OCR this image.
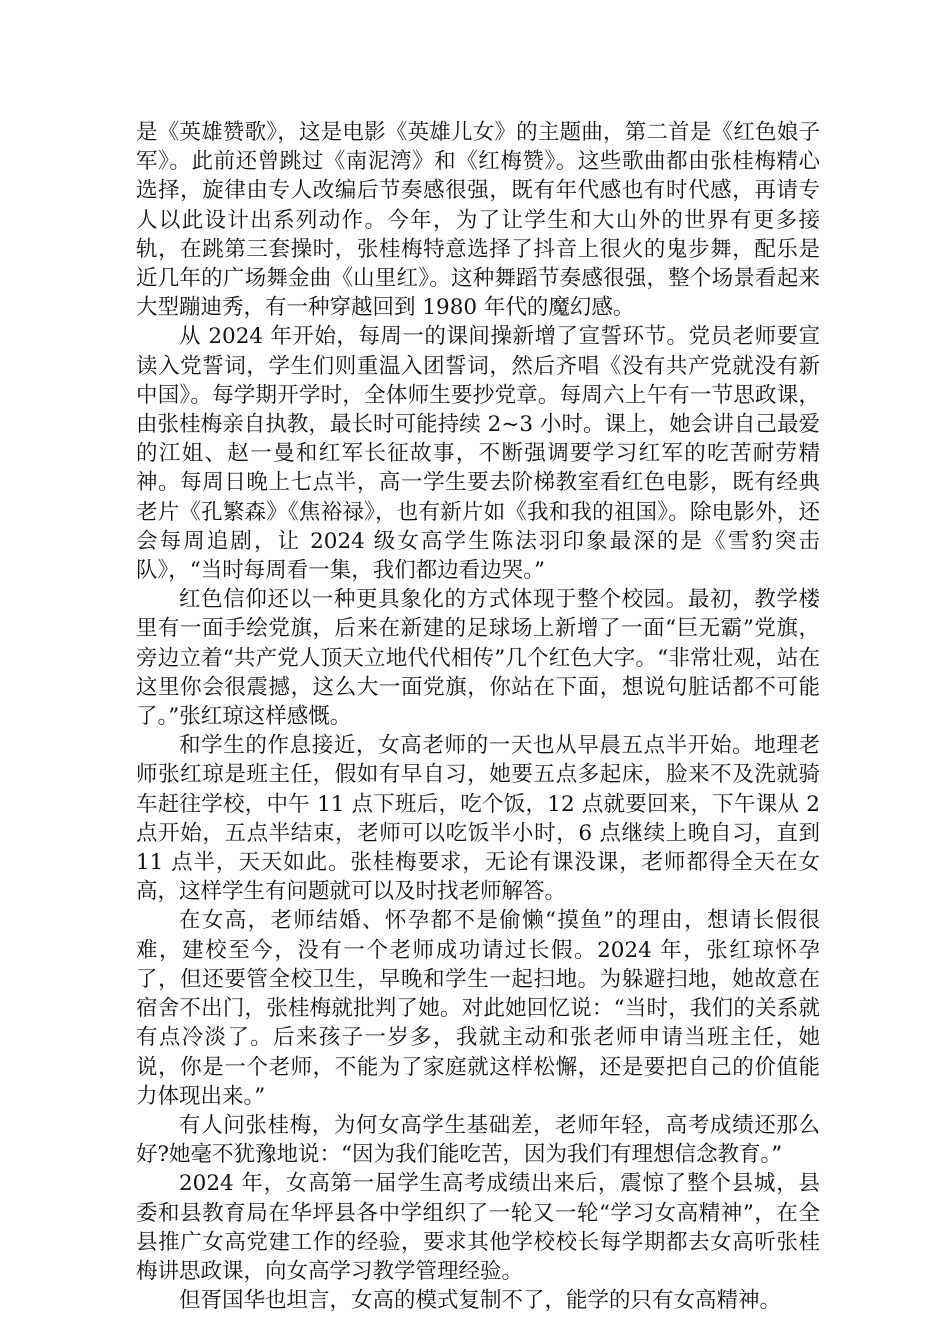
是《英雄赞歌》，这是电影《英雄儿女》的主题曲，第二首是《红色娘子军》。此前还曾跳过《南泥湾》和《红梅赞》。这些歌曲都由张桂梅精心选择，旋律由专人改编后节奏感很强，既有年代感也有时代感，再请专人以此设计出系列动作。今年，为了让学生和大山外的世界有更多接轨，在跳第三套操时，张桂梅特意选择了抖音上很火的鬼步舞，配乐是近几年的广场舞金曲《山里红》。这种舞蹈节奏感很强，整个场景看起来大型蹦迪秀，有一种穿越回到 1980 年代的魔幻感。

从 2024 年开始，每周一的课间操新增了宣誓环节。党员老师要宣读入党誓词，学生们则重温入团誓词，然后齐唱《没有共产党就没有新中国》。每学期开学时，全体师生要抄党章。每周六上午有一节思政课，由张桂梅亲自执教，最长时可能持续 2~3 小时。课上，她会讲自己最爱的江姐、赵一曼和红军长征故事，不断强调要学习红军的吃苦耐劳精神。每周日晚上七点半，高一学生要去阶梯教室看红色电影，既有经典老片《孔繁森》《焦裕禄》，也有新片如《我和我的祖国》。除电影外，还会每周追剧，让 2024 级女高学生陈法羽印象最深的是《雪豹突击队》，“当时每周看一集，我们都边看边哭。”

红色信仰还以一种更具象化的方式体现于整个校园。最初，教学楼里有一面手绘党旗，后来在新建的足球场上新增了一面“巨无霸”党旗，旁边立着“共产党人顶天立地代代相传”几个红色大字。“非常壮观，站在这里你会很震撼，这么大一面党旗，你站在下面，想说句脏话都不可能了。”张红琼这样感慨。

和学生的作息接近，女高老师的一天也从早晨五点半开始。地理老师张红琼是班主任，假如有早自习，她要五点多起床，脸来不及洗就骑车赶往学校，中午 11 点下班后，吃个饭，12 点就要回来，下午课从 2 点开始，五点半结束，老师可以吃饭半小时，6 点继续上晚自习，直到 11 点半，天天如此。张桂梅要求，无论有课没课，老师都得全天在女高，这样学生有问题就可以及时找老师解答。

在女高，老师结婚、怀孕都不是偷懒“摸鱼”的理由，想请长假很难，建校至今，没有一个老师成功请过长假。2024 年，张红琼怀孕了，但还要管全校卫生，早晚和学生一起扫地。为躲避扫地，她故意在宿舍不出门，张桂梅就批判了她。对此她回忆说：“当时，我们的关系就有点冷淡了。后来孩子一岁多，我就主动和张老师申请当班主任，她说，你是一个老师，不能为了家庭就这样松懈，还是要把自己的价值能力体现出来。”

有人问张桂梅，为何女高学生基础差，老师年轻，高考成绩还那么好?她毫不犹豫地说：“因为我们能吃苦，因为我们有理想信念教育。”

2024 年，女高第一届学生高考成绩出来后，震惊了整个县城，县委和县教育局在华坪县各中学组织了一轮又一轮“学习女高精神”，在全县推广女高党建工作的经验，要求其他学校校长每学期都去女高听张桂梅讲思政课，向女高学习教学管理经验。

但胥国华也坦言，女高的模式复制不了，能学的只有女高精神。
